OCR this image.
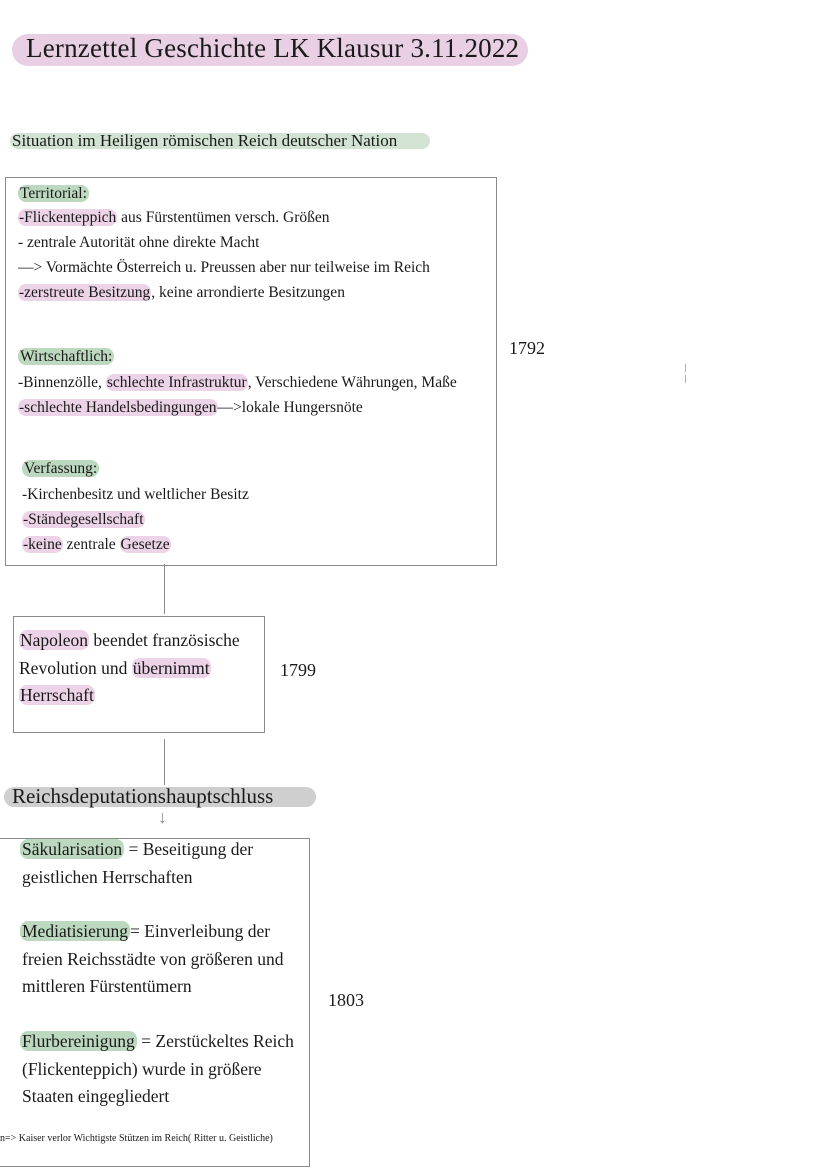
Lernzettel Geschichte LK Klausur 3.11.2022
Situation im Heiligen römischen Reich deutscher Nation
Territorial:
-Flickenteppich aus Fürstentümen versch. Größen
- zentrale Autorität ohne direkte Macht
—> Vormächte Österreich u. Preussen aber nur teilweise im Reich
-zerstreute Besitzung, keine arrondierte Besitzungen
Wirtschaftlich:
-Binnenzölle, schlechte Infrastruktur, Verschiedene Währungen, Maße
-schlechte Handelsbedingungen—>lokale Hungersnöte
Verfassung:
-Kirchenbesitz und weltlicher Besitz
-Ständegesellschaft
-keine zentrale Gesetze
1792
Napoleon beendet französische
Revolution und übernimmt
Herrschaft
1799
Reichsdeputationshauptschluss
↓
Säkularisation = Beseitigung der
geistlichen Herrschaften
Mediatisierung = Einverleibung der
freien Reichsstädte von größeren und
mittleren Fürstentümern
Flurbereinigung = Zerstückeltes Reich
(Flickenteppich) wurde in größere
Staaten eingegliedert
1803
n=> Kaiser verlor Wichtigste Stützen im Reich( Ritter u. Geistliche)
